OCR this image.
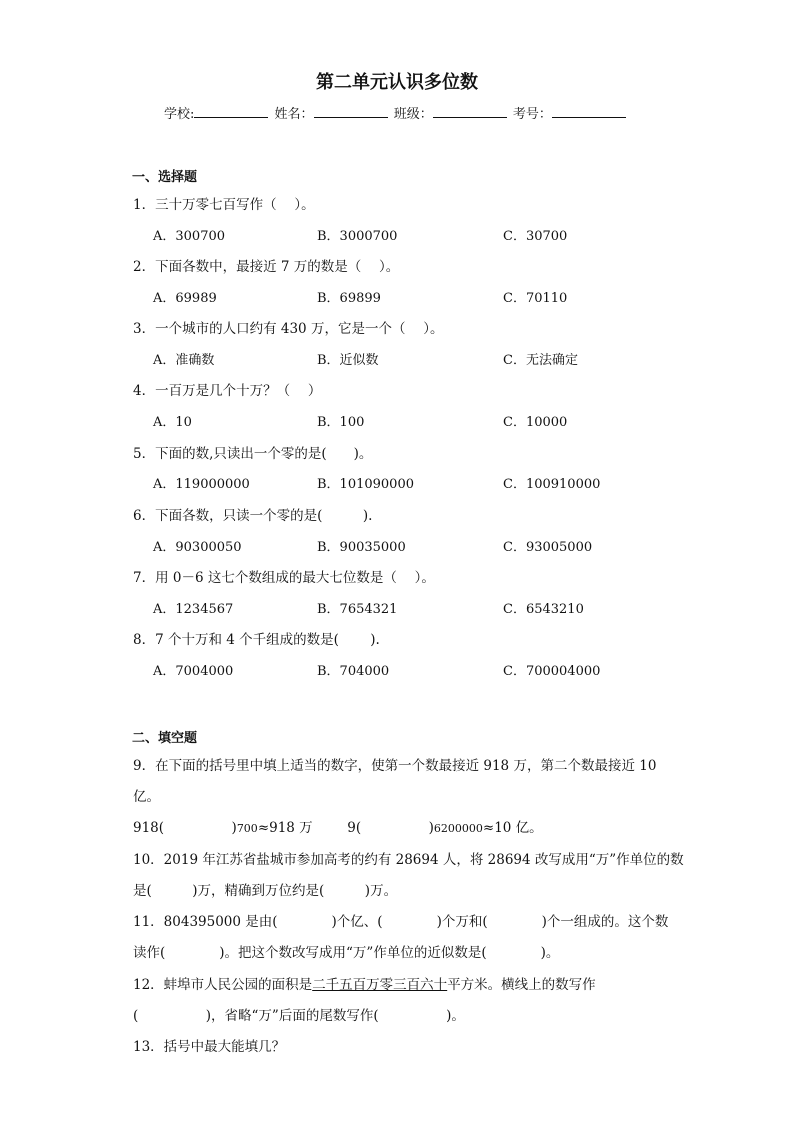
第二单元认识多位数
学校:	姓名：	班级：	考号：
一、选择题
1．三十万零七百写作（　 ）。
A．300700	B．3000700	C．30700
2．下面各数中，最接近 7 万的数是（　 ）。
A．69989	B．69899	C．70110
3．一个城市的人口约有 430 万，它是一个（　 ）。
A．准确数	B．近似数	C．无法确定
4．一百万是几个十万？（　 ）
A．10	B．100	C．10000
5．下面的数,只读出一个零的是(　　)。
A．119000000	B．101090000	C．100910000
6．下面各数，只读一个零的是(　　　).
A．90300050	B．90035000	C．93005000
7．用 0－6 这七个数组成的最大七位数是（　 ）。
A．1234567	B．7654321	C．6543210
8．7 个十万和 4 个千组成的数是(　　 ).
A．7004000	B．704000	C．700004000
二、填空题
9．在下面的括号里中填上适当的数字，使第一个数最接近 918 万，第二个数最接近 10
亿。
918(　　　　　)700≈918 万	9(　　　　　)6200000≈10 亿。
10．2019 年江苏省盐城市参加高考的约有 28694 人，将 28694 改写成用“万”作单位的数
是(　　　)万，精确到万位约是(　　　)万。
11．804395000 是由(　　　　)个亿、(　　　　)个万和(　　　　)个一组成的。这个数
读作(　　　　)。把这个数改写成用“万”作单位的近似数是(　　　　)。
12．蚌埠市人民公园的面积是二千五百万零三百六十平方米。横线上的数写作
(　　　　　)，省略“万”后面的尾数写作(　　　　　)。
13．括号中最大能填几？
